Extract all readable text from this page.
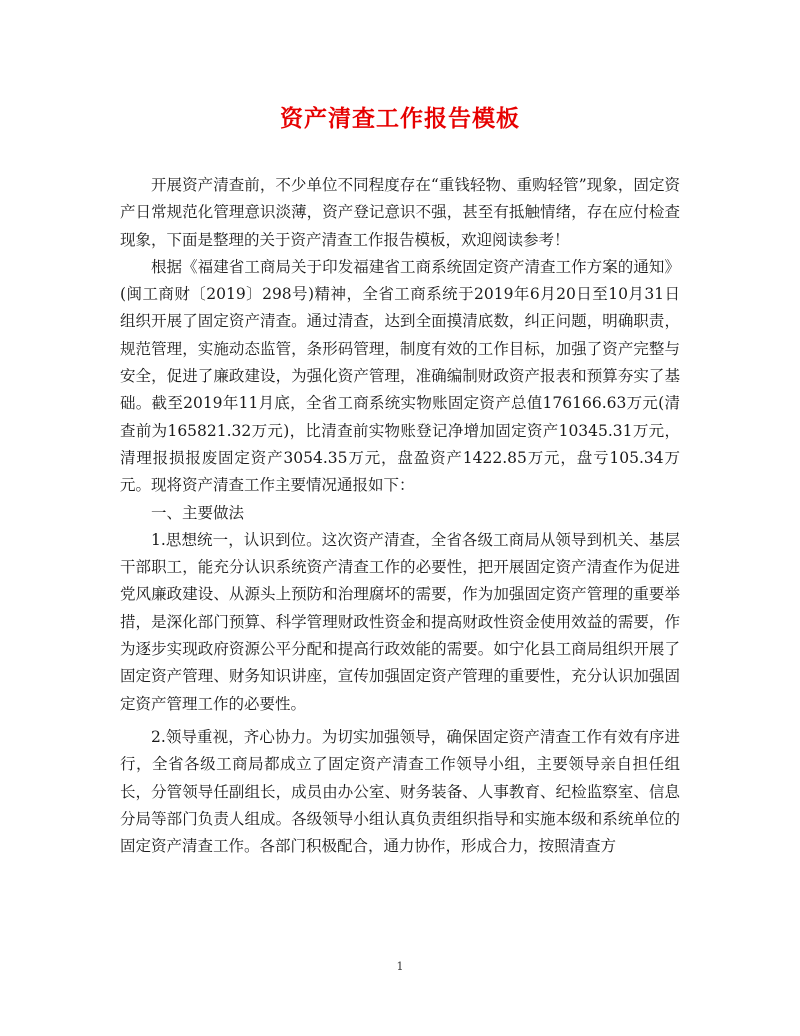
资产清查工作报告模板

开展资产清查前，不少单位不同程度存在“重钱轻物、重购轻管”现象，固定资产日常规范化管理意识淡薄，资产登记意识不强，甚至有抵触情绪，存在应付检查现象，下面是整理的关于资产清查工作报告模板，欢迎阅读参考！

根据《福建省工商局关于印发福建省工商系统固定资产清查工作方案的通知》(闽工商财〔2019〕298号)精神，全省工商系统于2019年6月20日至10月31日组织开展了固定资产清查。通过清查，达到全面摸清底数，纠正问题，明确职责，规范管理，实施动态监管，条形码管理，制度有效的工作目标，加强了资产完整与安全，促进了廉政建设，为强化资产管理，准确编制财政资产报表和预算夯实了基础。截至2019年11月底，全省工商系统实物账固定资产总值176166.63万元(清查前为165821.32万元)，比清查前实物账登记净增加固定资产10345.31万元，清理报损报废固定资产3054.35万元，盘盈资产1422.85万元，盘亏105.34万元。现将资产清查工作主要情况通报如下：

一、主要做法

1.思想统一，认识到位。这次资产清查，全省各级工商局从领导到机关、基层干部职工，能充分认识系统资产清查工作的必要性，把开展固定资产清查作为促进党风廉政建设、从源头上预防和治理腐坏的需要，作为加强固定资产管理的重要举措，是深化部门预算、科学管理财政性资金和提高财政性资金使用效益的需要，作为逐步实现政府资源公平分配和提高行政效能的需要。如宁化县工商局组织开展了固定资产管理、财务知识讲座，宣传加强固定资产管理的重要性，充分认识加强固定资产管理工作的必要性。

2.领导重视，齐心协力。为切实加强领导，确保固定资产清查工作有效有序进行，全省各级工商局都成立了固定资产清查工作领导小组，主要领导亲自担任组长，分管领导任副组长，成员由办公室、财务装备、人事教育、纪检监察室、信息分局等部门负责人组成。各级领导小组认真负责组织指导和实施本级和系统单位的固定资产清查工作。各部门积极配合，通力协作，形成合力，按照清查方

1
